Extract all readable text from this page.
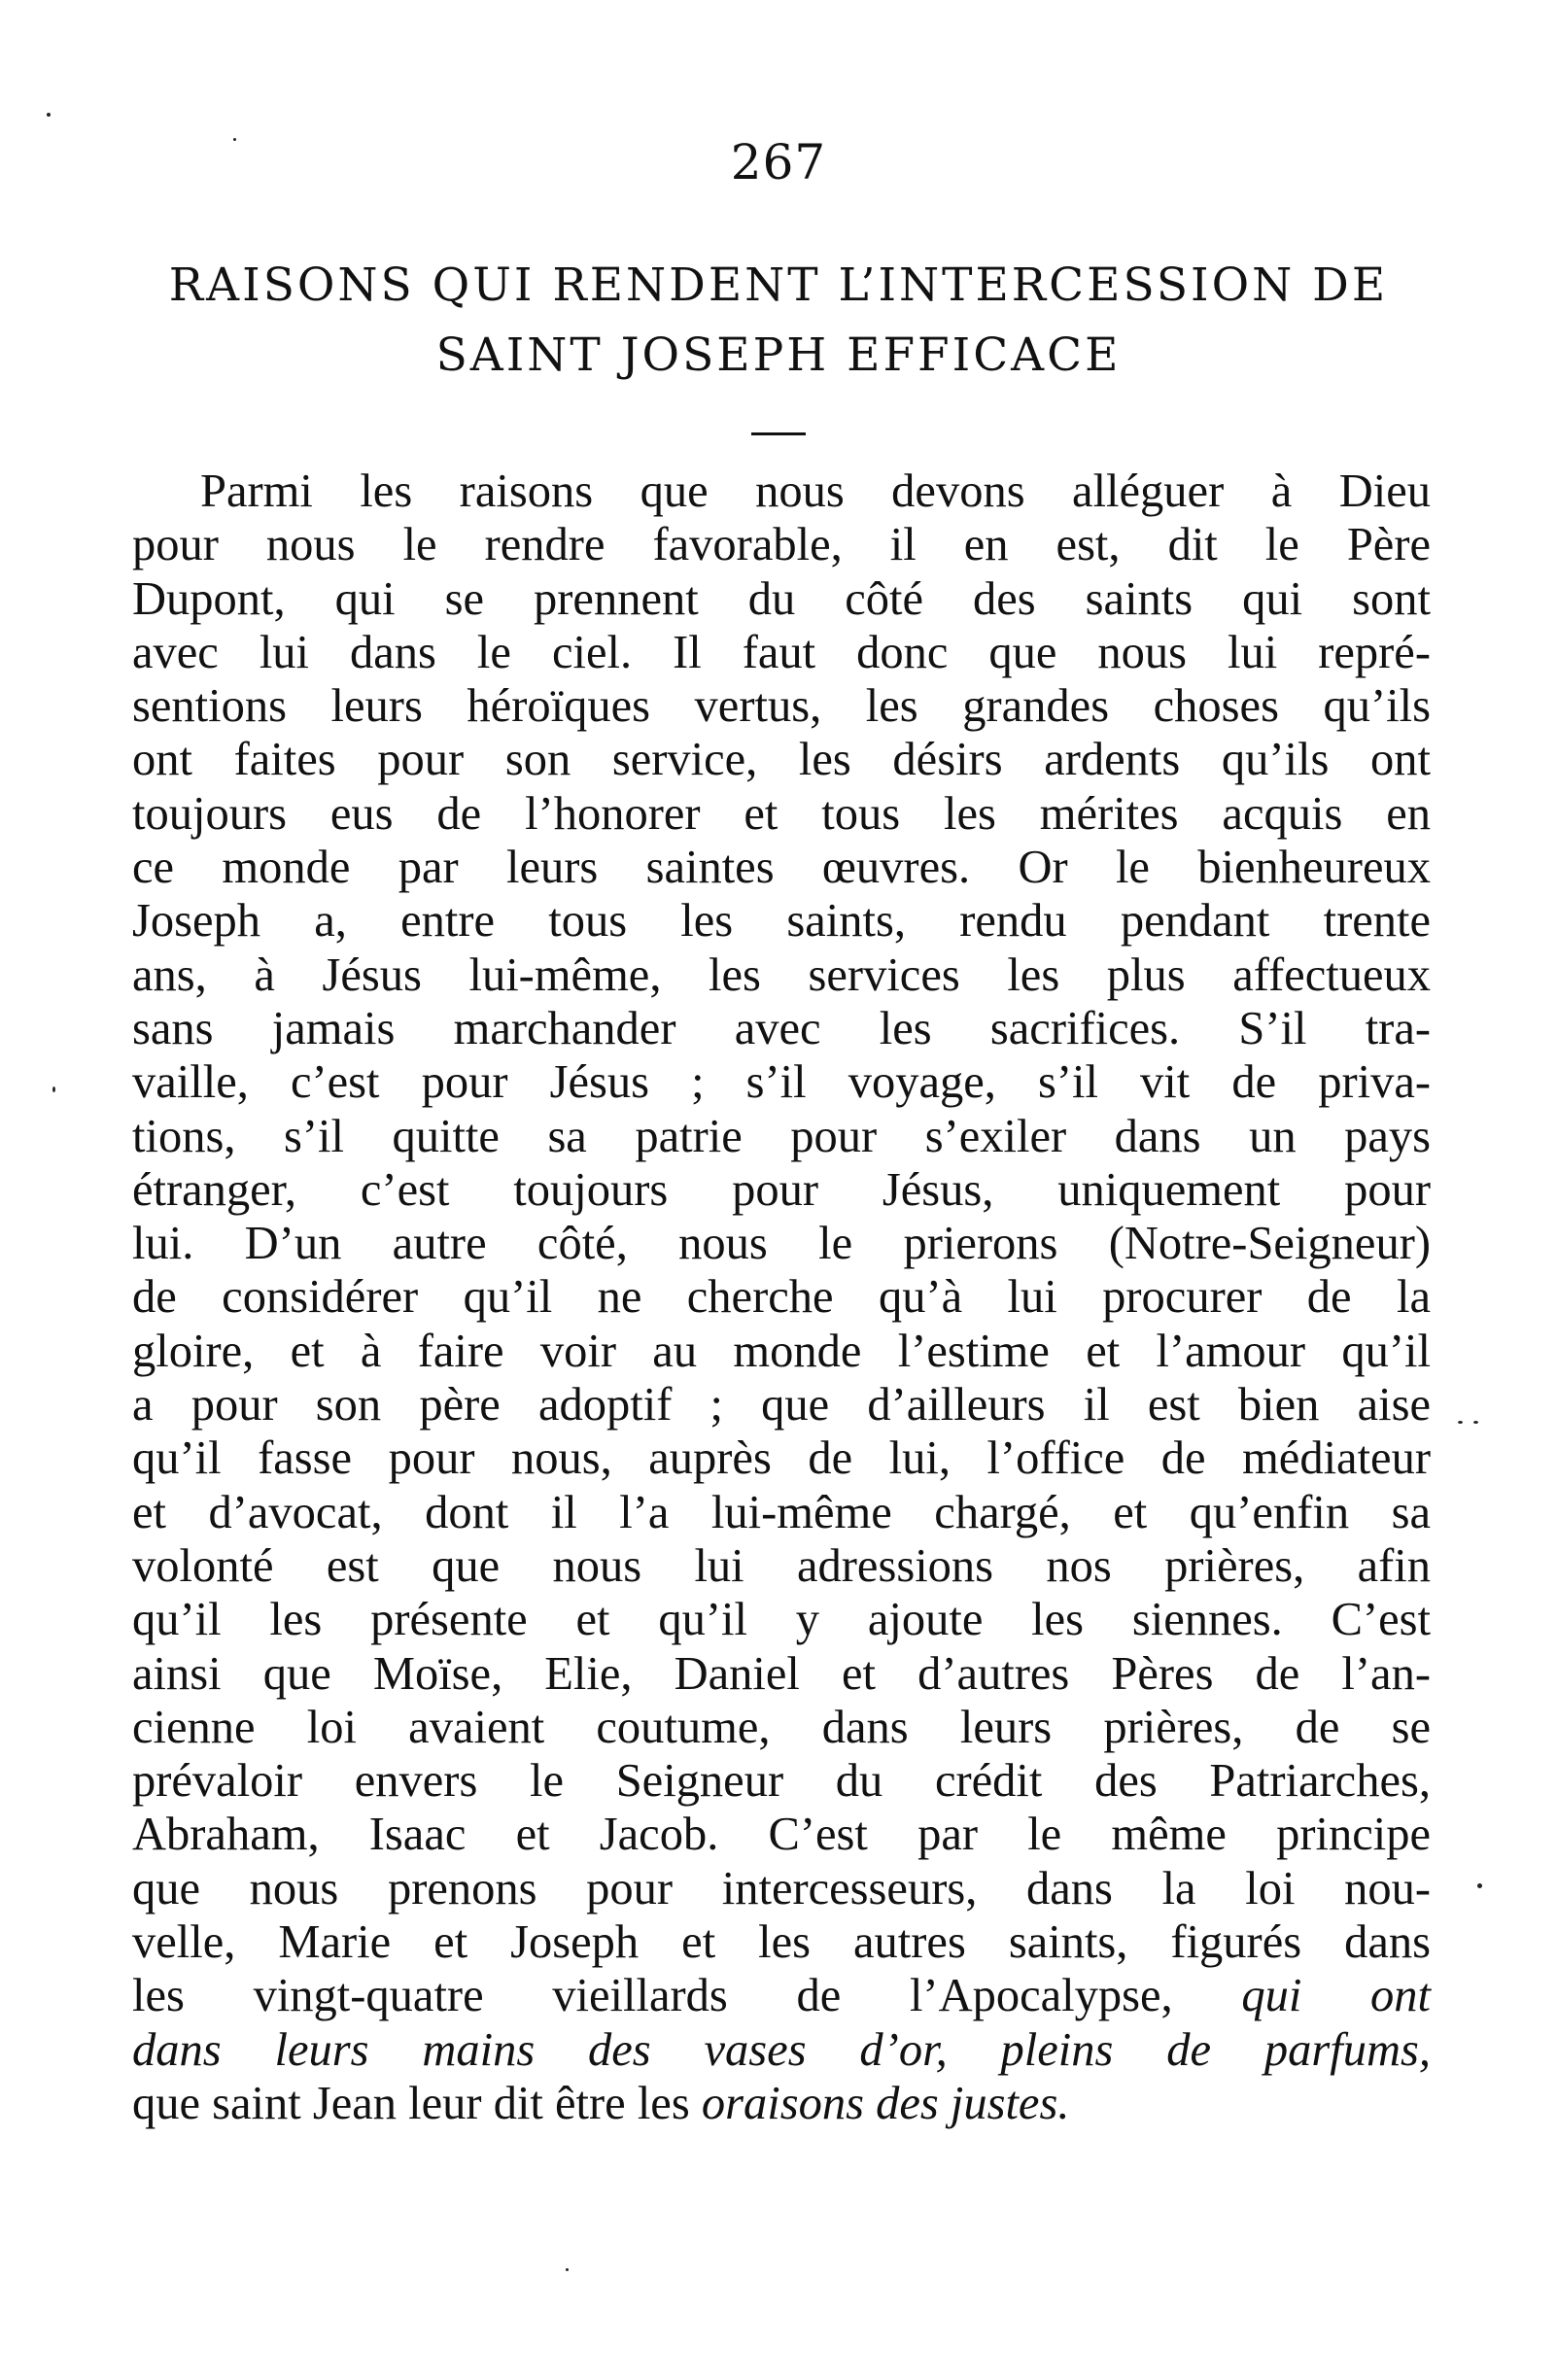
267
RAISONS QUI RENDENT L’INTERCESSION DE
SAINT JOSEPH EFFICACE
Parmi les raisons que nous devons alléguer à Dieu
pour nous le rendre favorable, il en est, dit le Père
Dupont, qui se prennent du côté des saints qui sont
avec lui dans le ciel. Il faut donc que nous lui repré-
sentions leurs héroïques vertus, les grandes choses qu’ils
ont faites pour son service, les désirs ardents qu’ils ont
toujours eus de l’honorer et tous les mérites acquis en
ce monde par leurs saintes œuvres. Or le bienheureux
Joseph a, entre tous les saints, rendu pendant trente
ans, à Jésus lui-même, les services les plus affectueux
sans jamais marchander avec les sacrifices. S’il tra-
vaille, c’est pour Jésus ; s’il voyage, s’il vit de priva-
tions, s’il quitte sa patrie pour s’exiler dans un pays
étranger, c’est toujours pour Jésus, uniquement pour
lui. D’un autre côté, nous le prierons (Notre-Seigneur)
de considérer qu’il ne cherche qu’à lui procurer de la
gloire, et à faire voir au monde l’estime et l’amour qu’il
a pour son père adoptif ; que d’ailleurs il est bien aise
qu’il fasse pour nous, auprès de lui, l’office de médiateur
et d’avocat, dont il l’a lui-même chargé, et qu’enfin sa
volonté est que nous lui adressions nos prières, afin
qu’il les présente et qu’il y ajoute les siennes. C’est
ainsi que Moïse, Elie, Daniel et d’autres Pères de l’an-
cienne loi avaient coutume, dans leurs prières, de se
prévaloir envers le Seigneur du crédit des Patriarches,
Abraham, Isaac et Jacob. C’est par le même principe
que nous prenons pour intercesseurs, dans la loi nou-
velle, Marie et Joseph et les autres saints, figurés dans
les vingt-quatre vieillards de l’Apocalypse, qui ont
dans leurs mains des vases d’or, pleins de parfums,
que saint Jean leur dit être les oraisons des justes.
